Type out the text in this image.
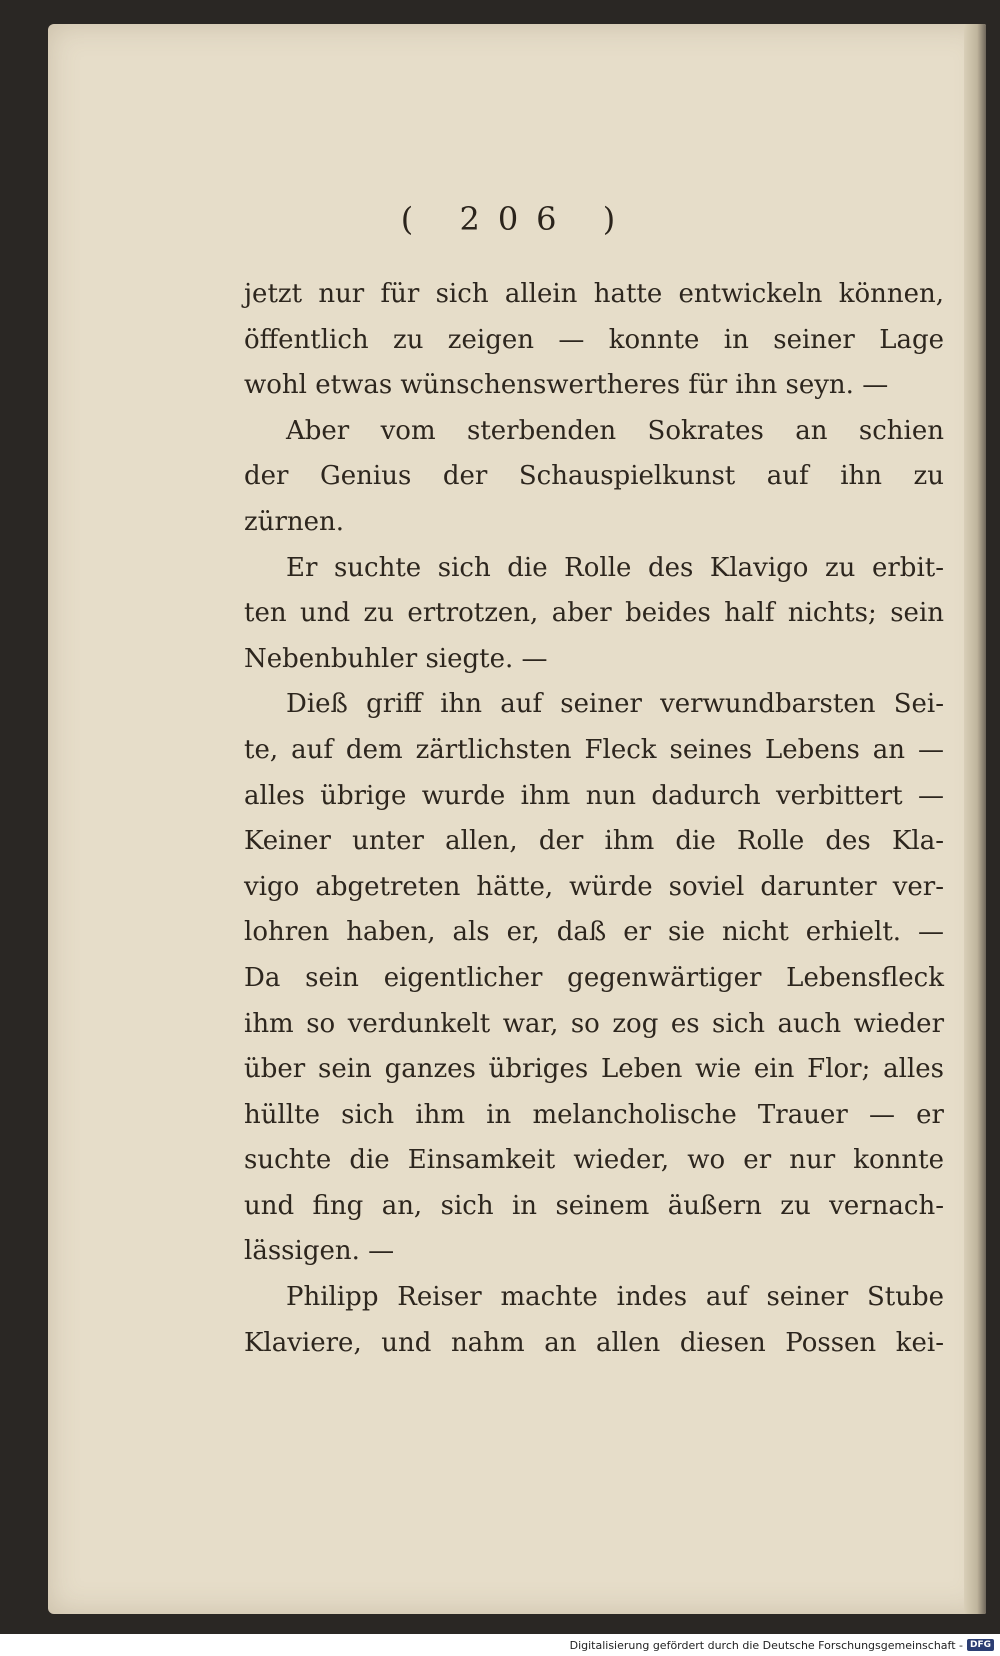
( 206 )
jetzt nur für sich allein hatte entwickeln können,
öffentlich zu zeigen — konnte in seiner Lage
wohl etwas wünschenswertheres für ihn seyn. —
Aber vom sterbenden Sokrates an schien
der Genius der Schauspielkunst auf ihn zu
zürnen.
Er suchte sich die Rolle des Klavigo zu erbit-
ten und zu ertrotzen, aber beides half nichts; sein
Nebenbuhler siegte. —
Dieß griff ihn auf seiner verwundbarsten Sei-
te, auf dem zärtlichsten Fleck seines Lebens an —
alles übrige wurde ihm nun dadurch verbittert —
Keiner unter allen, der ihm die Rolle des Kla-
vigo abgetreten hätte, würde soviel darunter ver-
lohren haben, als er, daß er sie nicht erhielt. —
Da sein eigentlicher gegenwärtiger Lebensfleck
ihm so verdunkelt war, so zog es sich auch wieder
über sein ganzes übriges Leben wie ein Flor; alles
hüllte sich ihm in melancholische Trauer — er
suchte die Einsamkeit wieder, wo er nur konnte
und fing an, sich in seinem äußern zu vernach-
lässigen. —
Philipp Reiser machte indes auf seiner Stube
Klaviere, und nahm an allen diesen Possen kei-
Digitalisierung gefördert durch die Deutsche Forschungsgemeinschaft - DFG
